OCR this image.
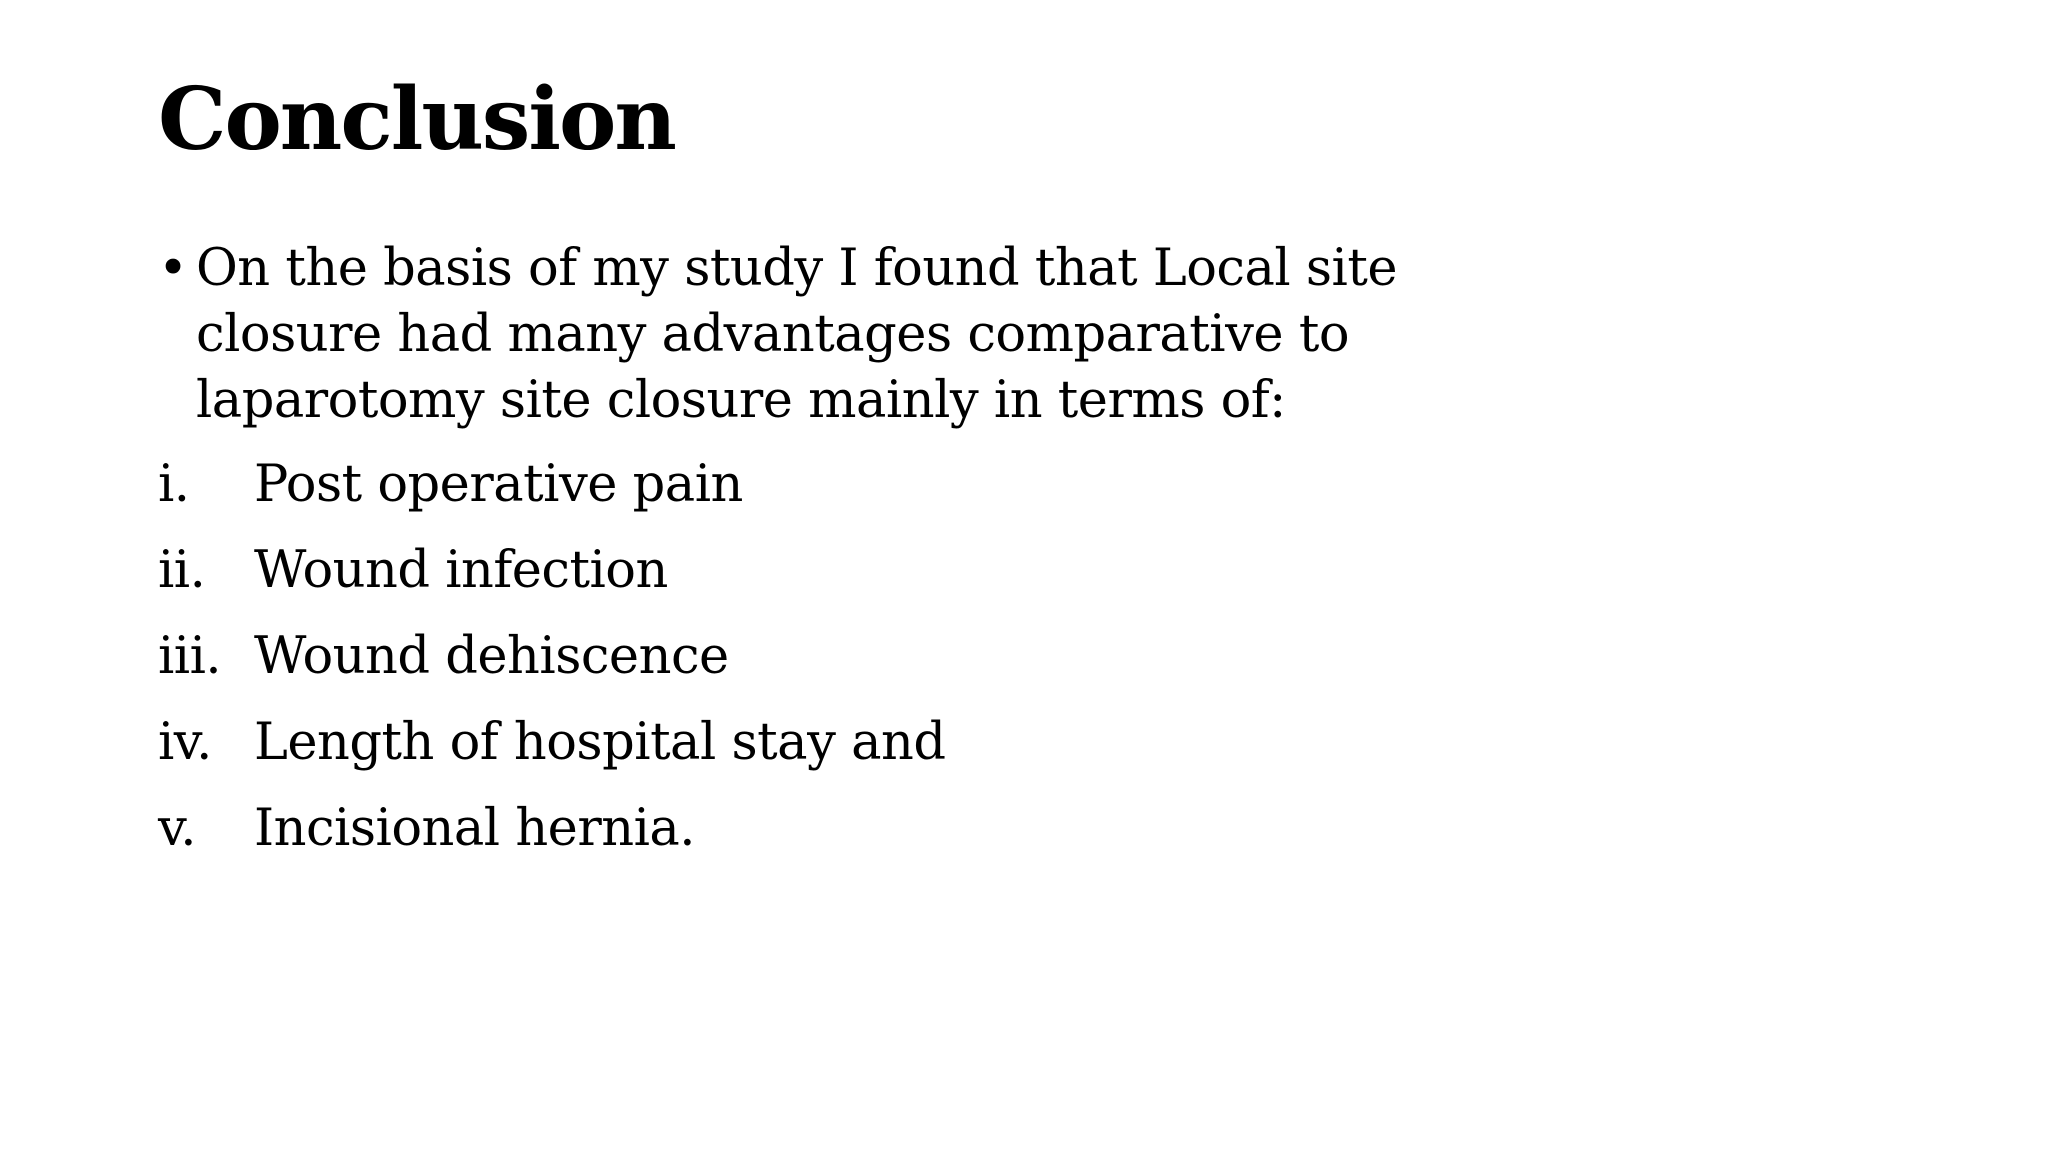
Conclusion
• On the basis of my study I found that Local site closure had many advantages comparative to laparotomy site closure mainly in terms of:
i. Post operative pain
ii. Wound infection
iii. Wound dehiscence
iv. Length of hospital stay and
v. Incisional hernia.
